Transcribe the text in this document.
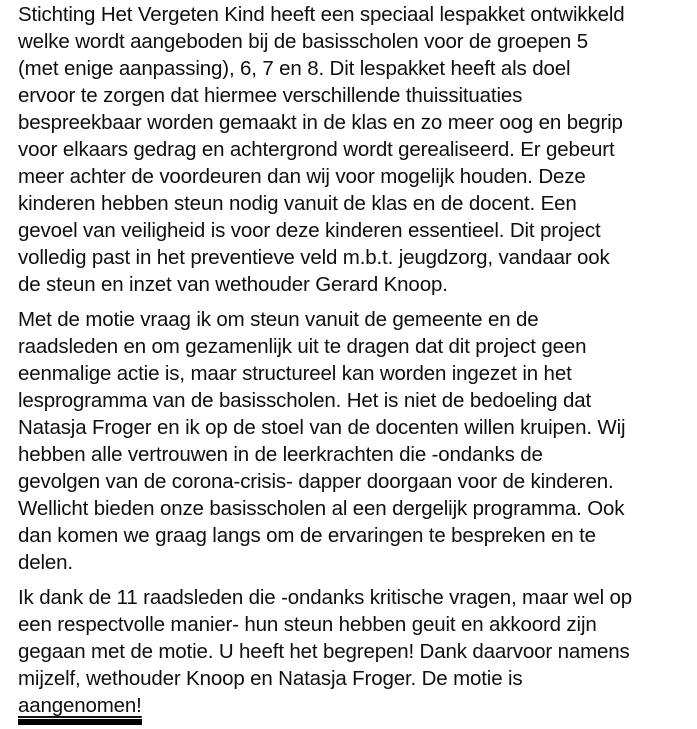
Stichting Het Vergeten Kind heeft een speciaal lespakket ontwikkeld
welke wordt aangeboden bij de basisscholen voor de groepen 5
(met enige aanpassing), 6, 7 en 8. Dit lespakket heeft als doel
ervoor te zorgen dat hiermee verschillende thuissituaties
bespreekbaar worden gemaakt in de klas en zo meer oog en begrip
voor elkaars gedrag en achtergrond wordt gerealiseerd. Er gebeurt
meer achter de voordeuren dan wij voor mogelijk houden. Deze
kinderen hebben steun nodig vanuit de klas en de docent. Een
gevoel van veiligheid is voor deze kinderen essentieel. Dit project
volledig past in het preventieve veld m.b.t. jeugdzorg, vandaar ook
de steun en inzet van wethouder Gerard Knoop.

Met de motie vraag ik om steun vanuit de gemeente en de
raadsleden en om gezamenlijk uit te dragen dat dit project geen
eenmalige actie is, maar structureel kan worden ingezet in het
lesprogramma van de basisscholen. Het is niet de bedoeling dat
Natasja Froger en ik op de stoel van de docenten willen kruipen. Wij
hebben alle vertrouwen in de leerkrachten die -ondanks de
gevolgen van de corona-crisis- dapper doorgaan voor de kinderen.
Wellicht bieden onze basisscholen al een dergelijk programma. Ook
dan komen we graag langs om de ervaringen te bespreken en te
delen.

Ik dank de 11 raadsleden die -ondanks kritische vragen, maar wel op
een respectvolle manier- hun steun hebben geuit en akkoord zijn
gegaan met de motie. U heeft het begrepen! Dank daarvoor namens
mijzelf, wethouder Knoop en Natasja Froger. De motie is
aangenomen!
